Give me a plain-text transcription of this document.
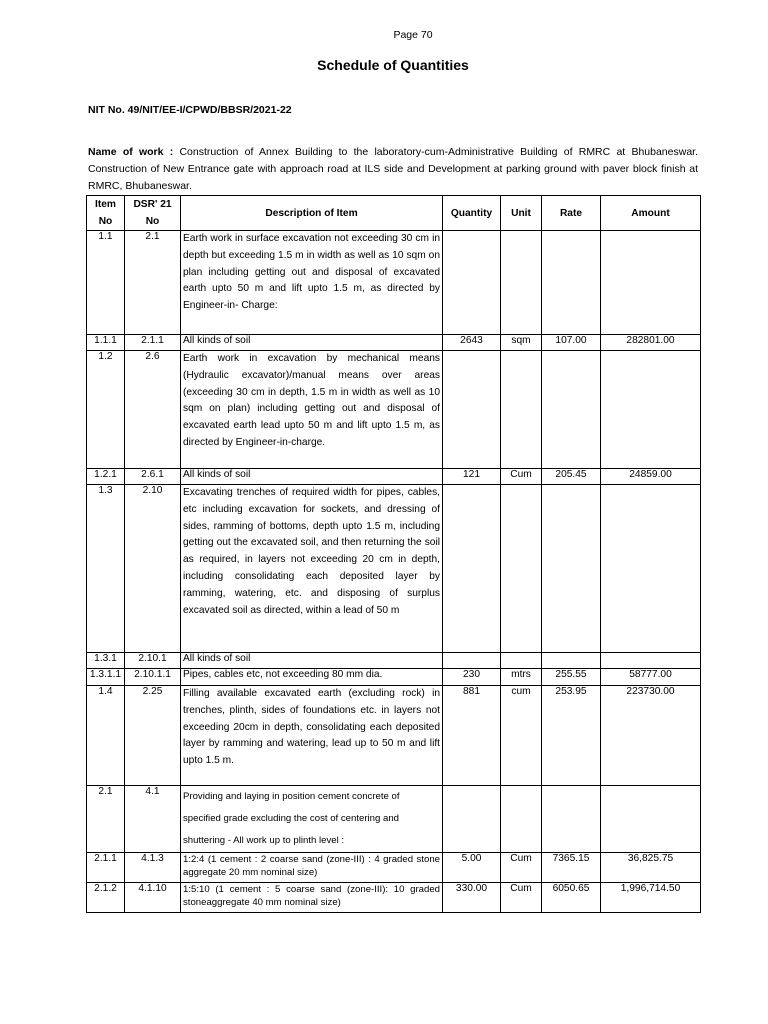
Page 70
Schedule of Quantities
NIT No. 49/NIT/EE-I/CPWD/BBSR/2021-22
Name of work : Construction of Annex Building to the laboratory-cum-Administrative Building of RMRC at Bhubaneswar. Construction of New Entrance gate with approach road at ILS side and Development at parking ground with paver block finish at RMRC, Bhubaneswar.
Item No	DSR' 21 No	Description of Item	Quantity	Unit	Rate	Amount
1.1	2.1	Earth work in surface excavation not exceeding 30 cm in depth but exceeding 1.5 m in width as well as 10 sqm on plan including getting out and disposal of excavated earth upto 50 m and lift upto 1.5 m, as directed by Engineer-in- Charge:				
1.1.1	2.1.1	All kinds of soil	2643	sqm	107.00	282801.00
1.2	2.6	Earth work in excavation by mechanical means (Hydraulic excavator)/manual means over areas (exceeding 30 cm in depth, 1.5 m in width as well as 10 sqm on plan) including getting out and disposal of excavated earth lead upto 50 m and lift upto 1.5 m, as directed by Engineer-in-charge.				
1.2.1	2.6.1	All kinds of soil	121	Cum	205.45	24859.00
1.3	2.10	Excavating trenches of required width for pipes, cables, etc including excavation for sockets, and dressing of sides, ramming of bottoms, depth upto 1.5 m, including getting out the excavated soil, and then returning the soil as required, in layers not exceeding 20 cm in depth, including consolidating each deposited layer by ramming, watering, etc. and disposing of surplus excavated soil as directed, within a lead of 50 m				
1.3.1	2.10.1	All kinds of soil				
1.3.1.1	2.10.1.1	Pipes, cables etc, not exceeding 80 mm dia.	230	mtrs	255.55	58777.00
1.4	2.25	Filling available excavated earth (excluding rock) in trenches, plinth, sides of foundations etc. in layers not exceeding 20cm in depth, consolidating each deposited layer by ramming and watering, lead up to 50 m and lift upto 1.5 m.	881	cum	253.95	223730.00
2.1	4.1	Providing and laying in position cement concrete of specified grade excluding the cost of centering and shuttering - All work up to plinth level :				
2.1.1	4.1.3	1:2:4 (1 cement : 2 coarse sand (zone-III) : 4 graded stone aggregate 20 mm nominal size)	5.00	Cum	7365.15	36,825.75
2.1.2	4.1.10	1:5:10 (1 cement : 5 coarse sand (zone-III): 10 graded stoneaggregate 40 mm nominal size)	330.00	Cum	6050.65	1,996,714.50
